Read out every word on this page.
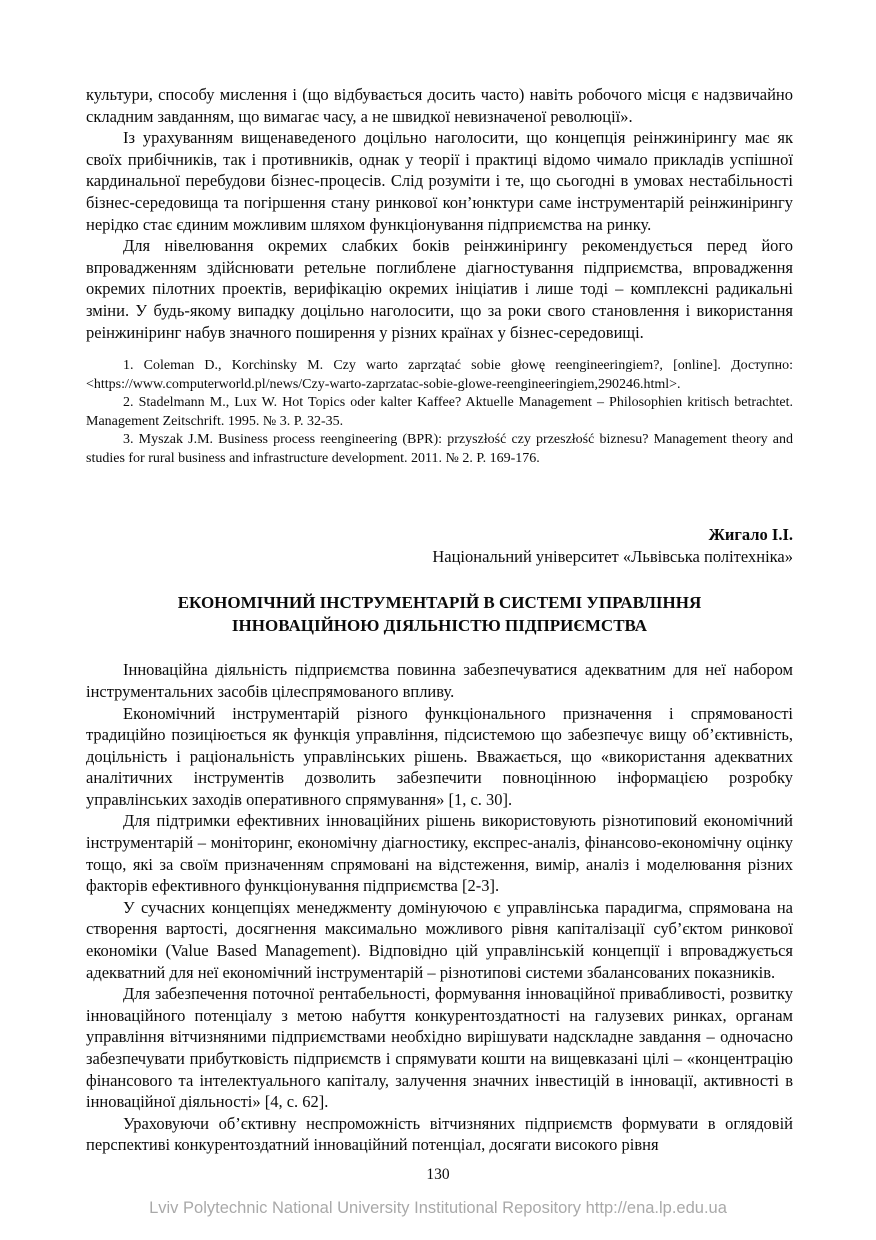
культури, способу мислення і (що відбувається досить часто) навіть робочого місця є надзвичайно складним завданням, що вимагає часу, а не швидкої невизначеної революції».

Із урахуванням вищенаведеного доцільно наголосити, що концепція реінжинірингу має як своїх прибічників, так і противників, однак у теорії і практиці відомо чимало прикладів успішної кардинальної перебудови бізнес-процесів. Слід розуміти і те, що сьогодні в умовах нестабільності бізнес-середовища та погіршення стану ринкової кон’юнктури саме інструментарій реінжинірингу нерідко стає єдиним можливим шляхом функціонування підприємства на ринку.

Для нівелювання окремих слабких боків реінжинірингу рекомендується перед його впровадженням здійснювати ретельне поглиблене діагностування підприємства, впровадження окремих пілотних проектів, верифікацію окремих ініціатив і лише тоді – комплексні радикальні зміни. У будь-якому випадку доцільно наголосити, що за роки свого становлення і використання реінжиніринг набув значного поширення у різних країнах у бізнес-середовищі.

1. Coleman D., Korchinsky M. Czy warto zaprzątać sobie głowę reengineeringiem?, [online]. Доступно: <https://www.computerworld.pl/news/Czy-warto-zaprzatac-sobie-glowe-reengineeringiem,290246.html>.

2. Stadelmann M., Lux W. Hot Topics oder kalter Kaffee? Aktuelle Management – Philosophien kritisch betrachtet. Management Zeitschrift. 1995. № 3. P. 32-35.

3. Myszak J.M. Business process reengineering (BPR): przyszłość czy przeszłość biznesu? Management theory and studies for rural business and infrastructure development. 2011. № 2. P. 169-176.

Жигало І.І.

Національний університет «Львівська політехніка»

ЕКОНОМІЧНИЙ ІНСТРУМЕНТАРІЙ В СИСТЕМІ УПРАВЛІННЯ
ІННОВАЦІЙНОЮ ДІЯЛЬНІСТЮ ПІДПРИЄМСТВА

Інноваційна діяльність підприємства повинна забезпечуватися адекватним для неї набором інструментальних засобів цілеспрямованого впливу.

Економічний інструментарій різного функціонального призначення і спрямованості традиційно позиціюється як функція управління, підсистемою що забезпечує вищу об’єктивність, доцільність і раціональність управлінських рішень. Вважається, що «використання адекватних аналітичних інструментів дозволить забезпечити повноцінною інформацією розробку управлінських заходів оперативного спрямування» [1, с. 30].

Для підтримки ефективних інноваційних рішень використовують різнотиповий економічний інструментарій – моніторинг, економічну діагностику, експрес-аналіз, фінансово-економічну оцінку тощо, які за своїм призначенням спрямовані на відстеження, вимір, аналіз і моделювання різних факторів ефективного функціонування підприємства [2-3].

У сучасних концепціях менеджменту домінуючою є управлінська парадигма, спрямована на створення вартості, досягнення максимально можливого рівня капіталізації суб’єктом ринкової економіки (Value Based Management). Відповідно цій управлінській концепції і впроваджується адекватний для неї економічний інструментарій – різнотипові системи збалансованих показників.

Для забезпечення поточної рентабельності, формування інноваційної привабливості, розвитку інноваційного потенціалу з метою набуття конкурентоздатності на галузевих ринках, органам управління вітчизняними підприємствами необхідно вирішувати надскладне завдання – одночасно забезпечувати прибутковість підприємств і спрямувати кошти на вищевказані цілі – «концентрацію фінансового та інтелектуального капіталу, залучення значних інвестицій в інновації, активності в інноваційної діяльності» [4, с. 62].

Ураховуючи об’єктивну неспроможність вітчизняних підприємств формувати в оглядовій перспективі конкурентоздатний інноваційний потенціал, досягати високого рівня

130
Lviv Polytechnic National University Institutional Repository http://ena.lp.edu.ua
